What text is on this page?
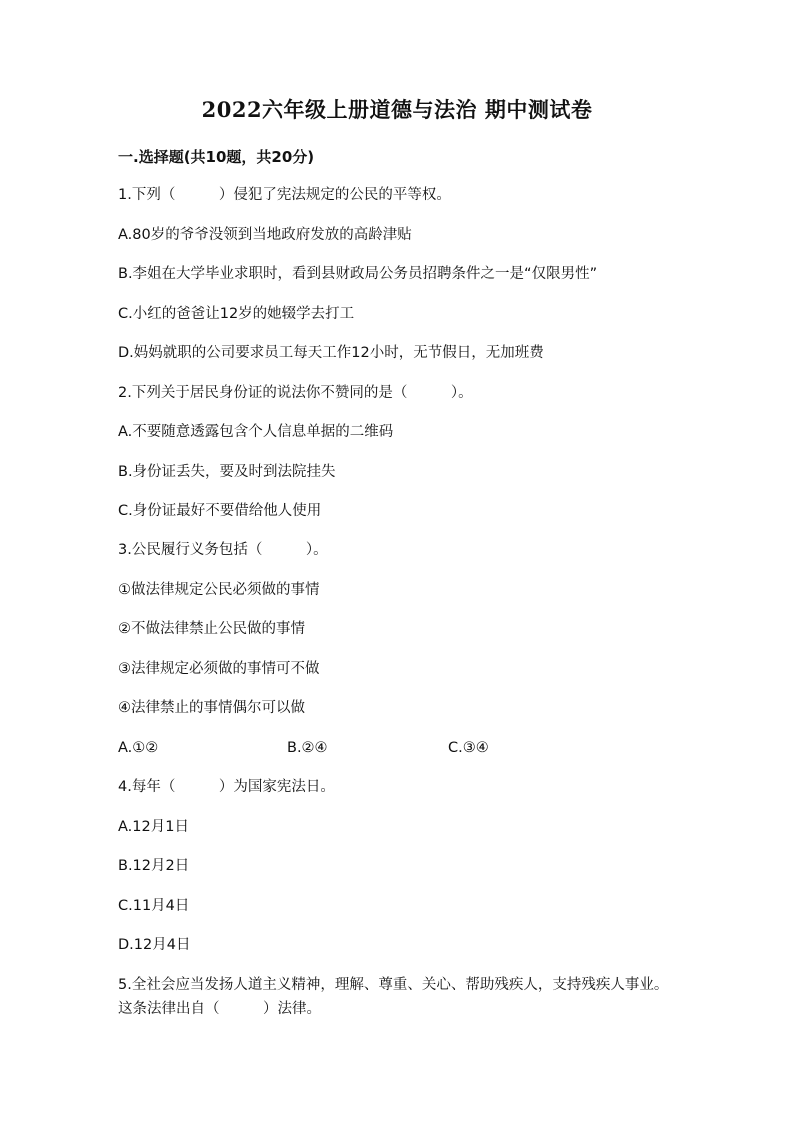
2022六年级上册道德与法治 期中测试卷
一.选择题(共10题，共20分)
1.下列（　　　）侵犯了宪法规定的公民的平等权。
A.80岁的爷爷没领到当地政府发放的高龄津贴
B.李姐在大学毕业求职时，看到县财政局公务员招聘条件之一是“仅限男性”
C.小红的爸爸让12岁的她辍学去打工
D.妈妈就职的公司要求员工每天工作12小时，无节假日，无加班费
2.下列关于居民身份证的说法你不赞同的是（　　　）。
A.不要随意透露包含个人信息单据的二维码
B.身份证丢失，要及时到法院挂失
C.身份证最好不要借给他人使用
3.公民履行义务包括（　　　）。
①做法律规定公民必须做的事情
②不做法律禁止公民做的事情
③法律规定必须做的事情可不做
④法律禁止的事情偶尔可以做
A.①②	B.②④	C.③④
4.每年（　　　）为国家宪法日。
A.12月1日
B.12月2日
C.11月4日
D.12月4日
5.全社会应当发扬人道主义精神，理解、尊重、关心、帮助残疾人，支持残疾人事业。这条法律出自（　　　）法律。
